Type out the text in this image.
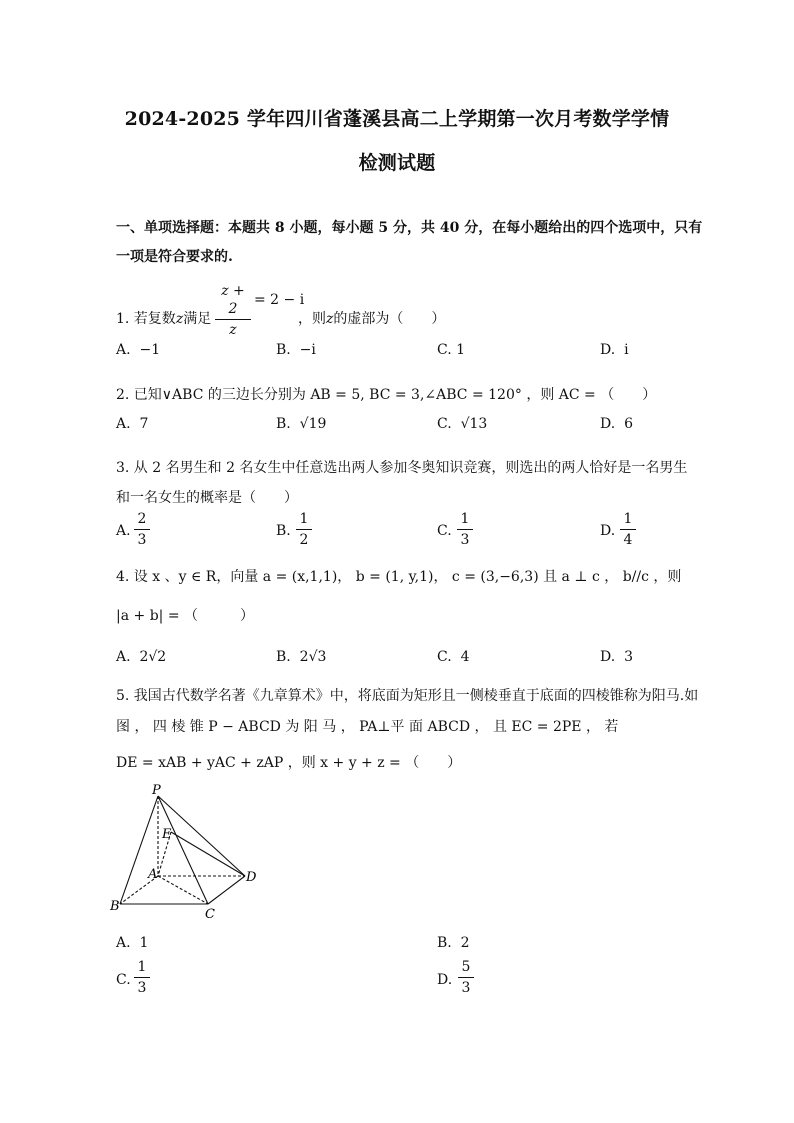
2024-2025 学年四川省蓬溪县高二上学期第一次月考数学学情
检测试题
一、单项选择题：本题共 8 小题，每小题 5 分，共 40 分，在每小题给出的四个选项中，只有
一项是符合要求的.
1. 若复数z满足
z + 2
z
= 2 − i
，则z的虚部为（　　）
A. −1	B. −i	C. 1	D. i
2. 已知∨ABC 的三边长分别为 AB = 5, BC = 3,∠ABC = 120° ，则 AC = （　　）
A. 7	B. √19	C. √13	D. 6
3. 从 2 名男生和 2 名女生中任意选出两人参加冬奥知识竞赛，则选出的两人恰好是一名男生
和一名女生的概率是（　　）
A.
2
3
B.
1
2
C.
1
3
D.
1
4
4. 设 x 、y ∈ R，向量 a = (x,1,1)， b = (1, y,1)， c = (3,−6,3) 且 a ⊥ c ， b//c ，则
|a + b| = （　　　）
A. 2√2	B. 2√3	C. 4	D. 3
5. 我国古代数学名著《九章算术》中，将底面为矩形且一侧棱垂直于底面的四棱锥称为阳马.如
图 ， 四 棱 锥 P − ABCD 为 阳 马 ， PA⊥平 面 ABCD ， 且 EC = 2PE ， 若
DE = xAB + yAC + zAP ，则 x + y + z = （　　）
P
E
A
B
C
D
A. 1	B. 2
C.
1
3	D.
5
3
